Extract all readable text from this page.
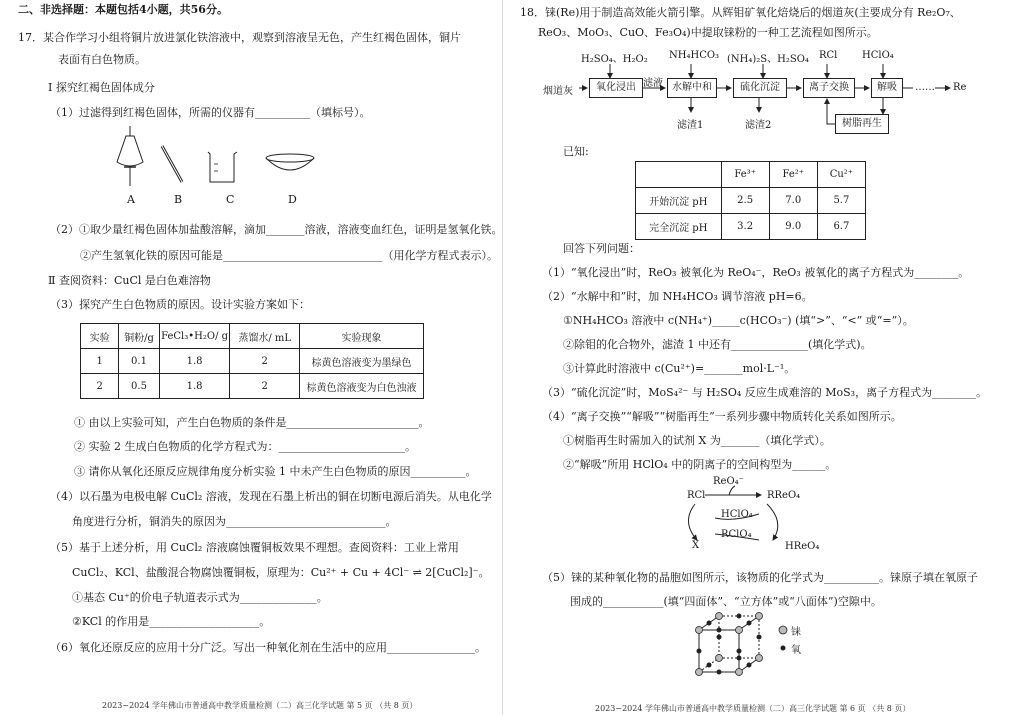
二、非选择题：本题包括4小题，共56分。
17．某合作学习小组将铜片放进氯化铁溶液中，观察到溶液呈无色，产生红褐色固体，铜片
表面有白色物质。
Ⅰ 探究红褐色固体成分
（1）过滤得到红褐色固体，所需的仪器有__________（填标号）。
A	B	C	D
（2）①取少量红褐色固体加盐酸溶解，滴加_______溶液，溶液变血红色，证明是氢氧化铁。
②产生氢氧化铁的原因可能是_____________________________（用化学方程式表示）。
Ⅱ 查阅资料：CuCl 是白色难溶物
（3）探究产生白色物质的原因。设计实验方案如下：
实验	铜粉/g	FeCl₃•H₂O/ g	蒸馏水/ mL	实验现象
1	0.1	1.8	2	棕黄色溶液变为墨绿色
2	0.5	1.8	2	棕黄色溶液变为白色浊液
① 由以上实验可知，产生白色物质的条件是________________________。
② 实验 2 生成白色物质的化学方程式为：_______________________。
③ 请你从氧化还原反应规律角度分析实验 1 中未产生白色物质的原因__________。
（4）以石墨为电极电解 CuCl₂ 溶液，发现在石墨上析出的铜在切断电源后消失。从电化学
角度进行分析，铜消失的原因为_____________________________。
（5）基于上述分析，用 CuCl₂ 溶液腐蚀覆铜板效果不理想。查阅资料：工业上常用
CuCl₂、KCl、盐酸混合物腐蚀覆铜板，原理为：Cu²⁺ + Cu + 4Cl⁻ ⇌ 2[CuCl₂]⁻。
①基态 Cu⁺的价电子轨道表示式为______________。
②KCl 的作用是____________________。
（6）氧化还原反应的应用十分广泛。写出一种氧化剂在生活中的应用________________。
2023~2024 学年佛山市普通高中教学质量检测（二）高三化学试题 第 5 页 （共 8 页）
18．铼(Re)用于制造高效能火箭引擎。从辉钼矿氧化焙烧后的烟道灰(主要成分有 Re₂O₇、
ReO₃、MoO₃、CuO、Fe₃O₄)中提取铼粉的一种工艺流程如图所示。
H₂SO₄、H₂O₂ NH₄HCO₃ (NH₄)₂S、H₂SO₄ RCl HClO₄
烟道灰	氧化浸出 滤液 水解中和	硫化沉淀	离子交换	解吸	…… Re
滤渣1	滤渣2	树脂再生
已知:
	Fe³⁺	Fe²⁺	Cu²⁺
开始沉淀 pH	2.5	7.0	5.7
完全沉淀 pH	3.2	9.0	6.7
回答下列问题：
（1）“氧化浸出”时，ReO₃ 被氧化为 ReO₄⁻，ReO₃ 被氧化的离子方程式为________。
（2）“水解中和”时，加 NH₄HCO₃ 调节溶液 pH=6。
①NH₄HCO₃ 溶液中 c(NH₄⁺)_____c(HCO₃⁻) (填“>”、“<” 或“=”）。
②除钼的化合物外，滤渣 1 中还有______________(填化学式)。
③计算此时溶液中 c(Cu²⁺)=_______mol·L⁻¹。
（3）“硫化沉淀”时，MoS₄²⁻ 与 H₂SO₄ 反应生成难溶的 MoS₃，离子方程式为________。
（4）“离子交换”“解吸”“树脂再生”一系列步骤中物质转化关系如图所示。
①树脂再生时需加入的试剂 X 为_______（填化学式）。
②“解吸”所用 HClO₄ 中的阴离子的空间构型为______。
ReO₄⁻
RCl	RReO₄
HClO₄
RClO₄
X	HReO₄
（5）铼的某种氧化物的晶胞如图所示，该物质的化学式为__________。铼原子填在氧原子
围成的___________(填“四面体”、“立方体”或“八面体”)空隙中。
铼
氧
2023~2024 学年佛山市普通高中教学质量检测（二）高三化学试题 第 6 页 （共 8 页）
